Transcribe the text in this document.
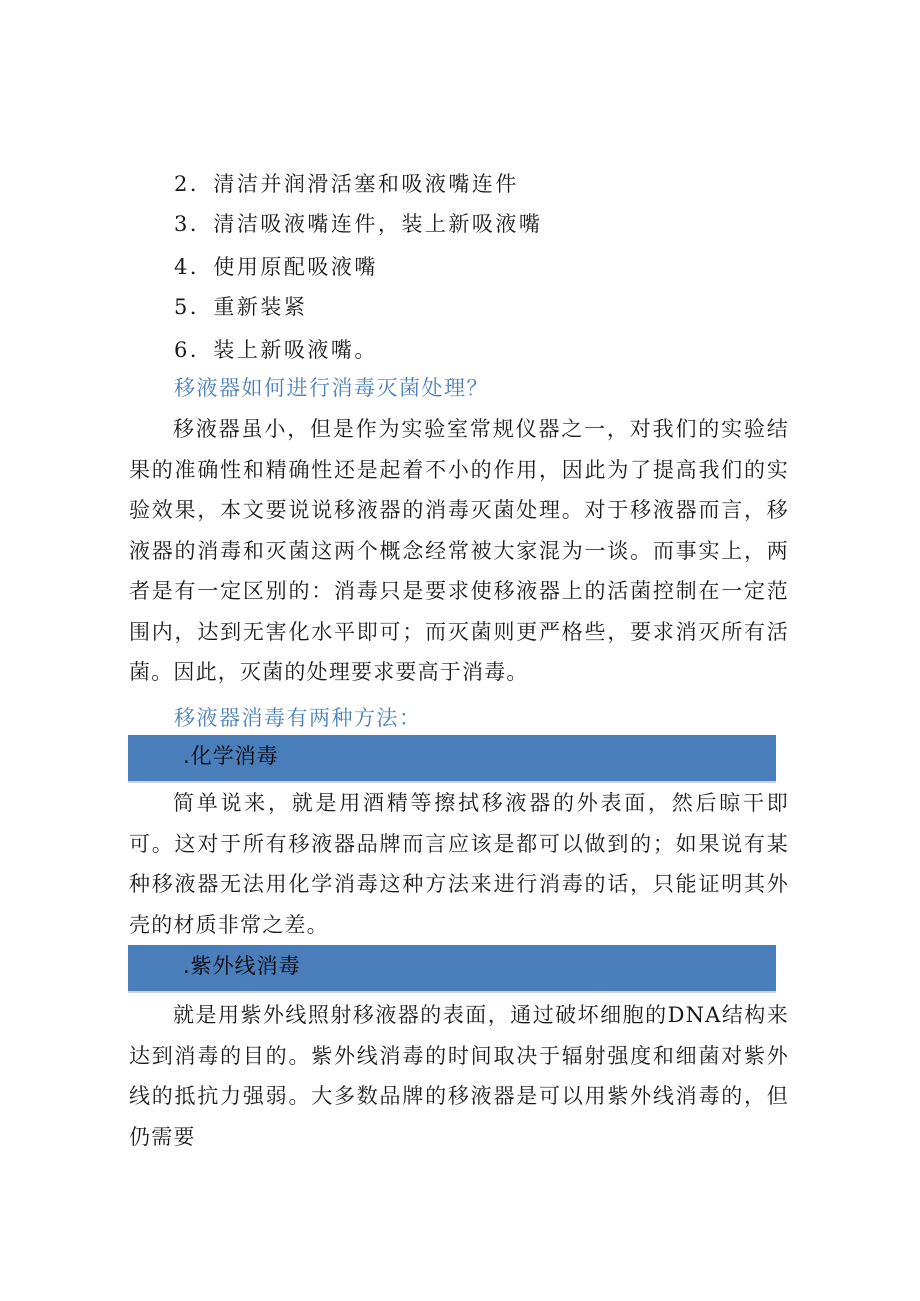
2．清洁并润滑活塞和吸液嘴连件
3．清洁吸液嘴连件，装上新吸液嘴
4．使用原配吸液嘴
5．重新装紧
6．装上新吸液嘴。
移液器如何进行消毒灭菌处理？
移液器虽小，但是作为实验室常规仪器之一，对我们的实验结果的准确性和精确性还是起着不小的作用，因此为了提高我们的实验效果，本文要说说移液器的消毒灭菌处理。对于移液器而言，移液器的消毒和灭菌这两个概念经常被大家混为一谈。而事实上，两者是有一定区别的：消毒只是要求使移液器上的活菌控制在一定范围内，达到无害化水平即可；而灭菌则更严格些，要求消灭所有活菌。因此，灭菌的处理要求要高于消毒。
移液器消毒有两种方法：
.化学消毒
简单说来，就是用酒精等擦拭移液器的外表面，然后晾干即可。这对于所有移液器品牌而言应该是都可以做到的；如果说有某种移液器无法用化学消毒这种方法来进行消毒的话，只能证明其外壳的材质非常之差。
.紫外线消毒
就是用紫外线照射移液器的表面，通过破坏细胞的DNA结构来达到消毒的目的。紫外线消毒的时间取决于辐射强度和细菌对紫外线的抵抗力强弱。大多数品牌的移液器是可以用紫外线消毒的，但仍需要
